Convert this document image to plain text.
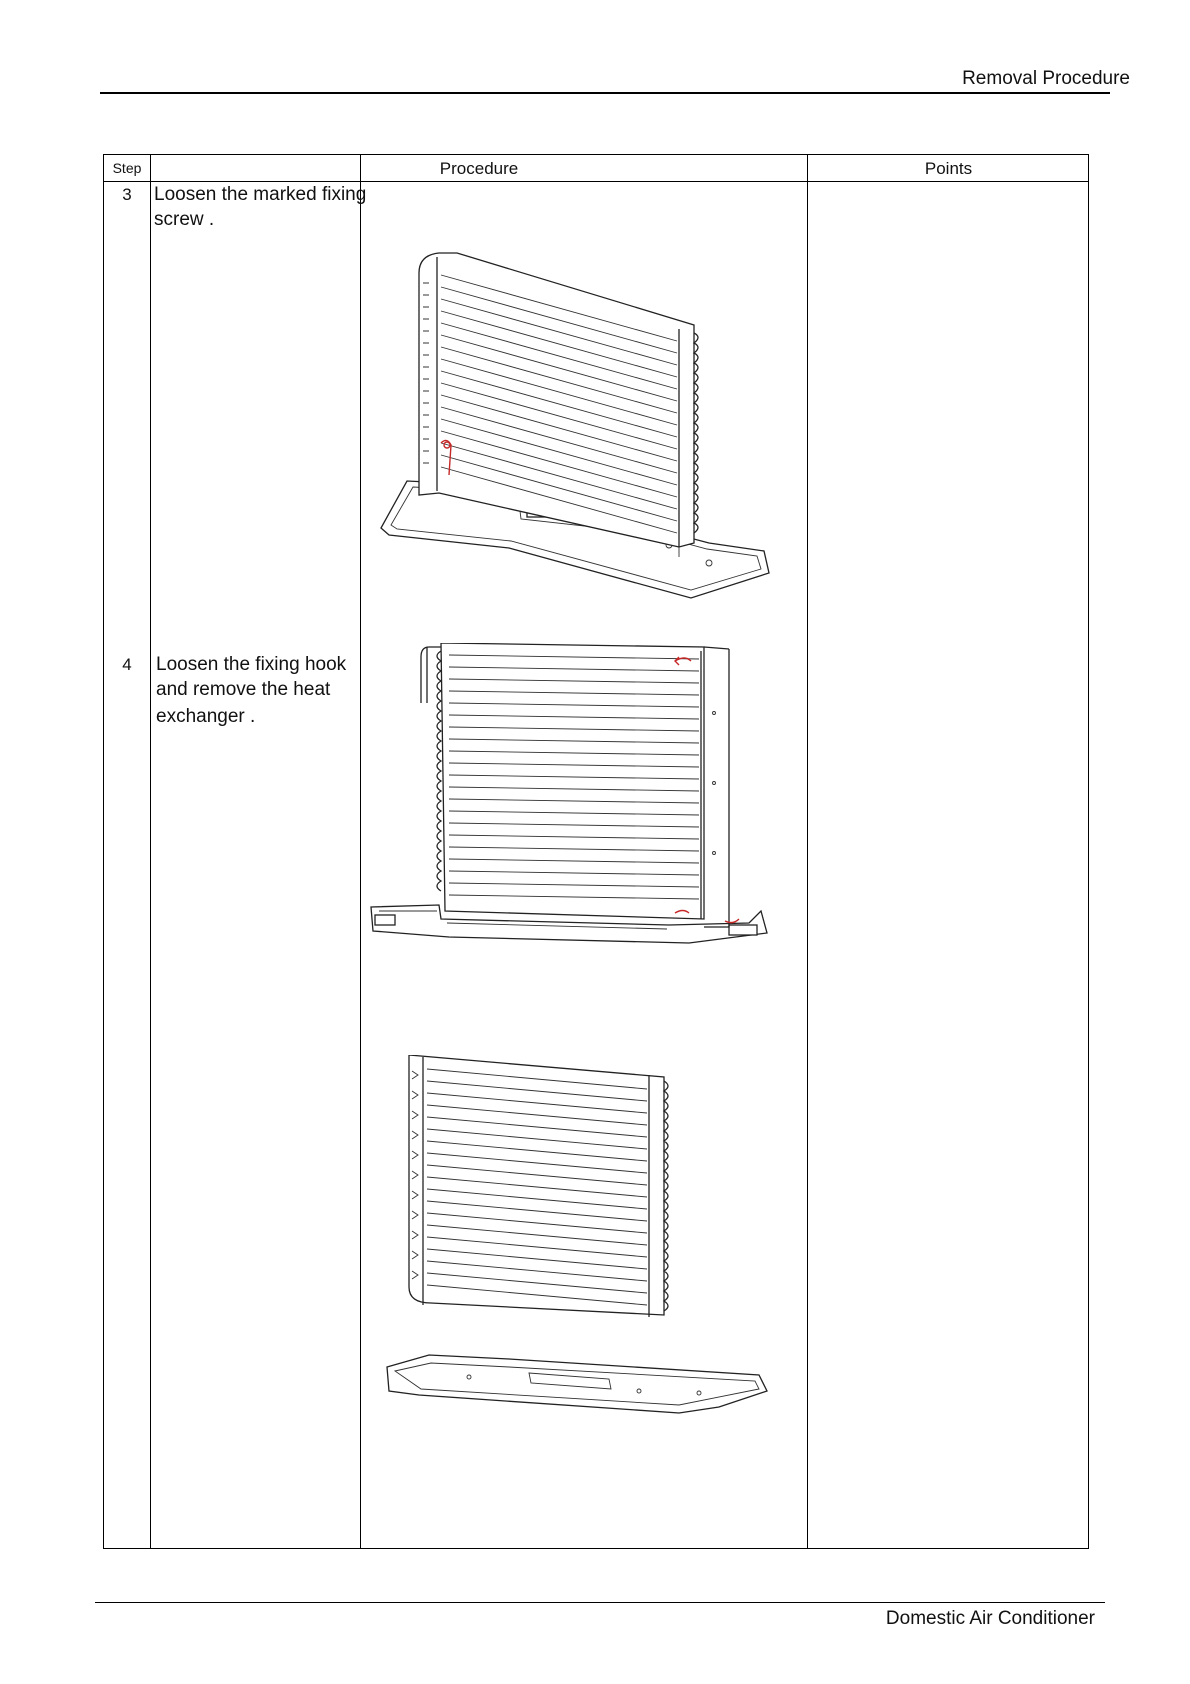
Removal Procedure
Step	Procedure	Points
3	Loosen the marked fixing
screw .
4	Loosen the fixing hook
and remove the heat
exchanger .
Domestic Air Conditioner
